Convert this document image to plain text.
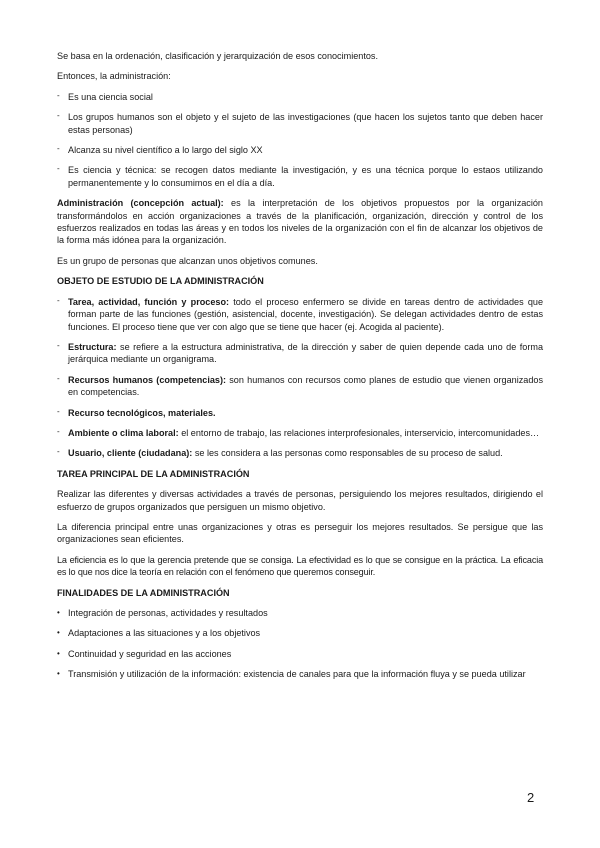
Se basa en la ordenación, clasificación y jerarquización de esos conocimientos.

Entonces, la administración:

- Es una ciencia social
- Los grupos humanos son el objeto y el sujeto de las investigaciones (que hacen los sujetos tanto que deben hacer estas personas)
- Alcanza su nivel científico a lo largo del siglo XX
- Es ciencia y técnica: se recogen datos mediante la investigación, y es una técnica porque lo estaos utilizando permanentemente y lo consumimos en el día a día.

Administración (concepción actual): es la interpretación de los objetivos propuestos por la organización transformándolos en acción organizaciones a través de la planificación, organización, dirección y control de los esfuerzos realizados en todas las áreas y en todos los niveles de la organización con el fin de alcanzar los objetivos de la forma más idónea para la organización.

Es un grupo de personas que alcanzan unos objetivos comunes.

OBJETO DE ESTUDIO DE LA ADMINISTRACIÓN
- Tarea, actividad, función y proceso: todo el proceso enfermero se divide en tareas dentro de actividades que forman parte de las funciones (gestión, asistencial, docente, investigación). Se delegan actividades dentro de estas funciones. El proceso tiene que ver con algo que se tiene que hacer (ej. Acogida al paciente).
- Estructura: se refiere a la estructura administrativa, de la dirección y saber de quien depende cada uno de forma jerárquica mediante un organigrama.
- Recursos humanos (competencias): son humanos con recursos como planes de estudio que vienen organizados en competencias.
- Recurso tecnológicos, materiales.
- Ambiente o clima laboral: el entorno de trabajo, las relaciones interprofesionales, interservicio, intercomunidades…
- Usuario, cliente (ciudadana): se les considera a las personas como responsables de su proceso de salud.
TAREA PRINCIPAL DE LA ADMINISTRACIÓN

Realizar las diferentes y diversas actividades a través de personas, persiguiendo los mejores resultados, dirigiendo el esfuerzo de grupos organizados que persiguen un mismo objetivo.

La diferencia principal entre unas organizaciones y otras es perseguir los mejores resultados. Se persigue que las organizaciones sean eficientes.

La eficiencia es lo que la gerencia pretende que se consiga. La efectividad es lo que se consigue en la práctica. La eficacia es lo que nos dice la teoría en relación con el fenómeno que queremos conseguir.

FINALIDADES DE LA ADMINISTRACIÓN
• Integración de personas, actividades y resultados
• Adaptaciones a las situaciones y a los objetivos
• Continuidad y seguridad en las acciones
• Transmisión y utilización de la información: existencia de canales para que la información fluya y se pueda utilizar
2
